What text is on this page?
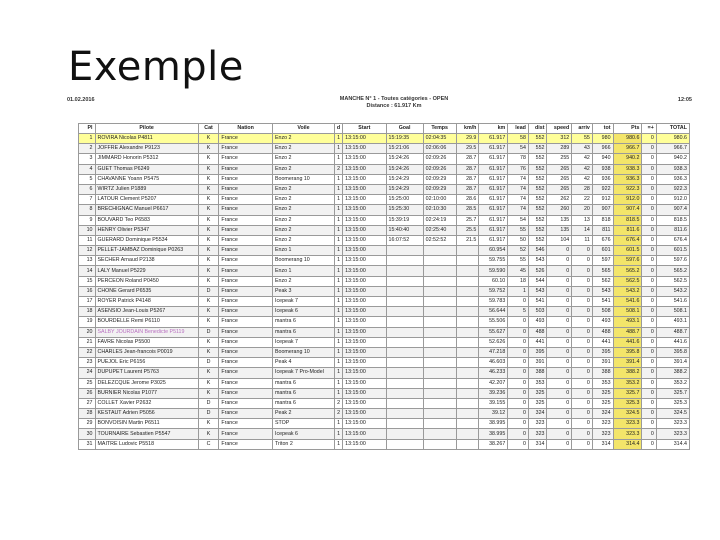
Exemple
01.02.2016	MANCHE N° 1 - Toutes catégories - OPEN
Distance : 61.917 Km
12:05
Pl	Pilote	Cat	Nation	Voile	d	Start	Goal	Temps	km/h	km	lead	dist	speed	arriv	tot	Pts	=+	TOTAL
1	ROVIRA Nicolas P4811	K	France	Enzo 2	1	13:15:00	15:19:35	02:04:35	29.9	61.917	58	552	312	55	980	980.6	0	980.6
2	JOFFRE Alexandre P9123	K	France	Enzo 2	1	13:15:00	15:21:06	02:06:06	29.5	61.917	54	552	289	43	966	966.7	0	966.7
3	JIMMARD Honorin P5312	K	France	Enzo 2	1	13:15:00	15:24:26	02:09:26	28.7	61.917	78	552	255	42	940	940.2	0	940.2
4	GUET Thomas P6249	K	France	Enzo 2	2	13:15:00	15:24:26	02:09:26	28.7	61.917	76	552	265	42	938	938.3	0	938.3
5	CHAVANNE Yoann P5475	K	France	Boomerang 10	1	13:15:00	15:24:29	02:09:29	28.7	61.917	74	552	265	42	936	936.3	0	936.3
6	WIRTZ Julien P1889	K	France	Enzo 2	1	13:15:00	15:24:29	02:09:29	28.7	61.917	74	552	265	28	922	922.3	0	922.3
7	LATOUR Clement P5207	K	France	Enzo 2	1	13:15:00	15:25:00	02:10:00	28.6	61.917	74	552	262	22	912	912.0	0	912.0
8	BRECHIGNAC Manuel P6617	K	France	Enzo 2	1	13:15:00	15:25:30	02:10:30	28.5	61.917	74	552	260	20	907	907.4	0	907.4
9	BOUVARD Teo P6583	K	France	Enzo 2	1	13:15:00	15:39:19	02:24:19	25.7	61.917	54	552	135	13	818	818.5	0	818.5
10	HENRY Olivier P5347	K	France	Enzo 2	1	13:15:00	15:40:40	02:25:40	25.5	61.917	55	552	135	14	811	811.6	0	811.6
11	GUERARD Dominique P5534	K	France	Enzo 2	1	13:15:00	16:07:52	02:52:52	21.5	61.917	50	552	104	11	676	676.4	0	676.4
12	PELLET-JAMBAZ Dominique P0263	K	France	Enzo 1	1	13:15:00				60.954	52	546	0	0	601	601.5	0	601.5
13	SECHER Arnaud P2138	K	France	Boomerang 10	1	13:15:00				59.755	55	543	0	0	597	597.6	0	597.6
14	LALY Manuel P5229	K	France	Enzo 1	1	13:15:00				59.590	45	526	0	0	565	565.2	0	565.2
15	PERCEON Roland P0450	K	France	Enzo 2	1	13:15:00				60.10	18	544	0	0	562	562.5	0	562.5
16	CHONE Gerard P6535	D	France	Peak 3	1	13:15:00				59.752	1	543	0	0	543	543.2	0	543.2
17	ROYER Patrick P4148	K	France	Icepeak 7	1	13:15:00				59.783	0	541	0	0	541	541.6	0	541.6
18	ASENSIO Jean-Louis P5267	K	France	Icepeak 6	1	13:15:00				56.644	5	503	0	0	508	508.1	0	508.1
19	BOURDELLE Remi P6110	K	France	mantra 6	1	13:15:00				55.506	0	493	0	0	493	493.1	0	493.1
20	SALBY JOURDAIN Benedicte P5119	D	France	mantra 6	1	13:15:00				55.627	0	488	0	0	488	488.7	0	488.7
21	FAVRE Nicolas P5500	K	France	Icepeak 7	1	13:15:00				52.626	0	441	0	0	441	441.6	0	441.6
22	CHARLES Jean-francois P0019	K	France	Boomerang 10	1	13:15:00				47.218	0	395	0	0	395	395.8	0	395.8
23	PUEJOL Eric P6156	D	France	Peak 4	1	13:15:00				46.603	0	391	0	0	391	391.4	0	391.4
24	DUPUPET Laurent P5763	K	France	Icepeak 7 Pro-Model	1	13:15:00				46.233	0	388	0	0	388	388.2	0	388.2
25	DELEZCQUE Jerome P3025	K	France	mantra 6	1	13:15:00				42.207	0	353	0	0	353	353.2	0	353.2
26	BURNIER Nicolas P1077	K	France	mantra 6	1	13:15:00				39.236	0	325	0	0	325	325.7	0	325.7
27	COLLET Xavier P2632	D	France	mantra 6	2	13:15:00				39.155	0	325	0	0	325	325.3	0	325.3
28	KESTAUT Adrien P5056	D	France	Peak 2	2	13:15:00				39.12	0	324	0	0	324	324.5	0	324.5
29	BONVOISIN Martin P6511	K	France	STOP	1	13:15:00				38.995	0	323	0	0	323	323.3	0	323.3
30	TOURNAIRE Sebastien P5547	K	France	Icepeak 6	1	13:15:00				38.995	0	323	0	0	323	323.3	0	323.3
31	MAITRE Ludovic P5518	C	France	Triton 2	1	13:15:00				38.267	0	314	0	0	314	314.4	0	314.4
